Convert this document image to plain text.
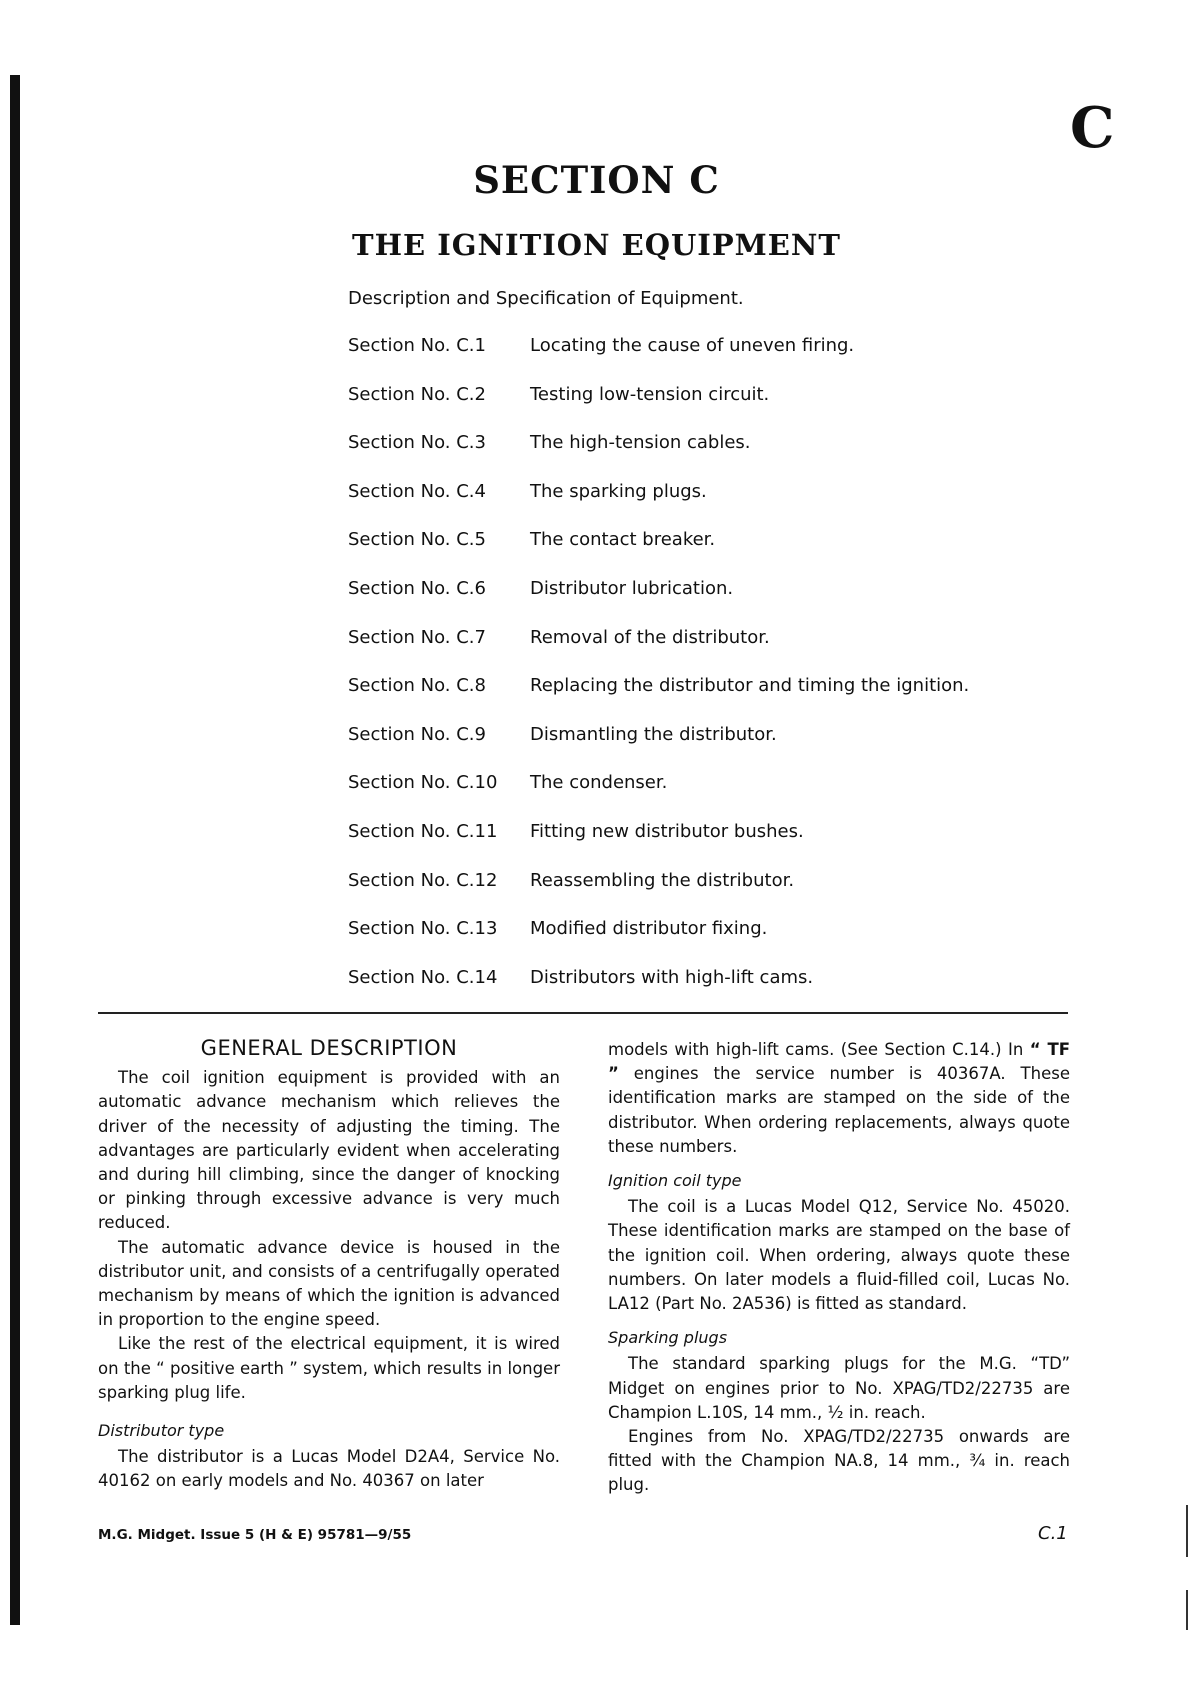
C
SECTION C
THE IGNITION EQUIPMENT

Description and Specification of Equipment.

Section No. C.1	Locating the cause of uneven firing.
Section No. C.2	Testing low-tension circuit.
Section No. C.3	The high-tension cables.
Section No. C.4	The sparking plugs.
Section No. C.5	The contact breaker.
Section No. C.6	Distributor lubrication.
Section No. C.7	Removal of the distributor.
Section No. C.8	Replacing the distributor and timing the ignition.
Section No. C.9	Dismantling the distributor.
Section No. C.10	The condenser.
Section No. C.11	Fitting new distributor bushes.
Section No. C.12	Reassembling the distributor.
Section No. C.13	Modified distributor fixing.
Section No. C.14	Distributors with high-lift cams.
GENERAL DESCRIPTION

The coil ignition equipment is provided with an automatic advance mechanism which relieves the driver of the necessity of adjusting the timing. The advantages are particularly evident when accelerating and during hill climbing, since the danger of knocking or pinking through excessive advance is very much reduced.

The automatic advance device is housed in the distributor unit, and consists of a centrifugally operated mechanism by means of which the ignition is advanced in proportion to the engine speed.

Like the rest of the electrical equipment, it is wired on the “ positive earth ” system, which results in longer sparking plug life.

Distributor type

The distributor is a Lucas Model D2A4, Service No. 40162 on early models and No. 40367 on later

models with high-lift cams. (See Section C.14.) In “ TF ” engines the service number is 40367A. These identification marks are stamped on the side of the distributor. When ordering replacements, always quote these numbers.

Ignition coil type

The coil is a Lucas Model Q12, Service No. 45020. These identification marks are stamped on the base of the ignition coil. When ordering, always quote these numbers. On later models a fluid-filled coil, Lucas No. LA12 (Part No. 2A536) is fitted as standard.

Sparking plugs

The standard sparking plugs for the M.G. “TD” Midget on engines prior to No. XPAG/TD2/22735 are Champion L.10S, 14 mm., ½ in. reach.

Engines from No. XPAG/TD2/22735 onwards are fitted with the Champion NA.8, 14 mm., ¾ in. reach plug.

M.G. Midget. Issue 5 (H & E) 95781—9/55	C.1
